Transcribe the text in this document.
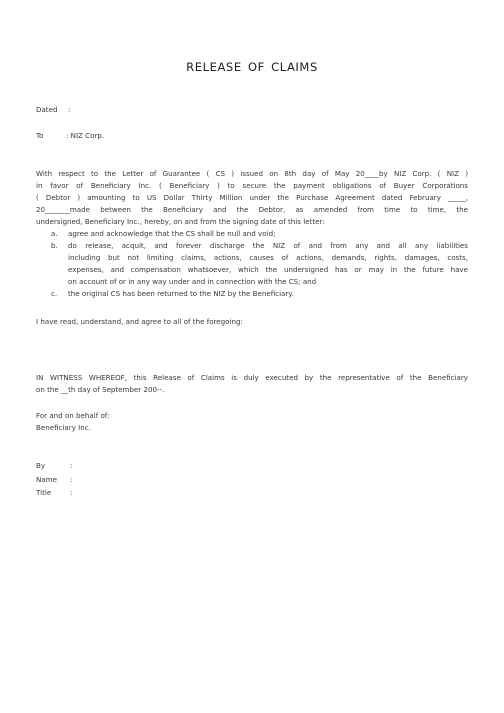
RELEASE OF CLAIMS
Dated :
To	: NIZ Corp.
With respect to the Letter of Guarantee ( CS ) issued on 8th day of May 20____by NIZ Corp. ( NIZ )
in favor of Beneficiary Inc. ( Beneficiary ) to secure the payment obligations of Buyer Corporations
( Debtor ) amounting to US Dollar Thirty Million under the Purchase Agreement dated February _____,
20_______made between the Beneficiary and the Debtor, as amended from time to time, the
undersigned, Beneficiary Inc., hereby, on and from the signing date of this letter:
a. agree and acknowledge that the CS shall be null and void;
b. do release, acquit, and forever discharge the NIZ of and from any and all any liabilities
including but not limiting claims, actions, causes of actions, demands, rights, damages, costs,
expenses, and compensation whatsoever, which the undersigned has or may in the future have
on account of or in any way under and in connection with the CS; and
c. the original CS has been returned to the NIZ by the Beneficiary.
I have read, understand, and agree to all of the foregoing:
IN WITNESS WHEREOF, this Release of Claims is duly executed by the representative of the Beneficiary
on the __th day of September 200--.
For and on behalf of:
Beneficiary Inc.
By	:
Name :
Title	:
